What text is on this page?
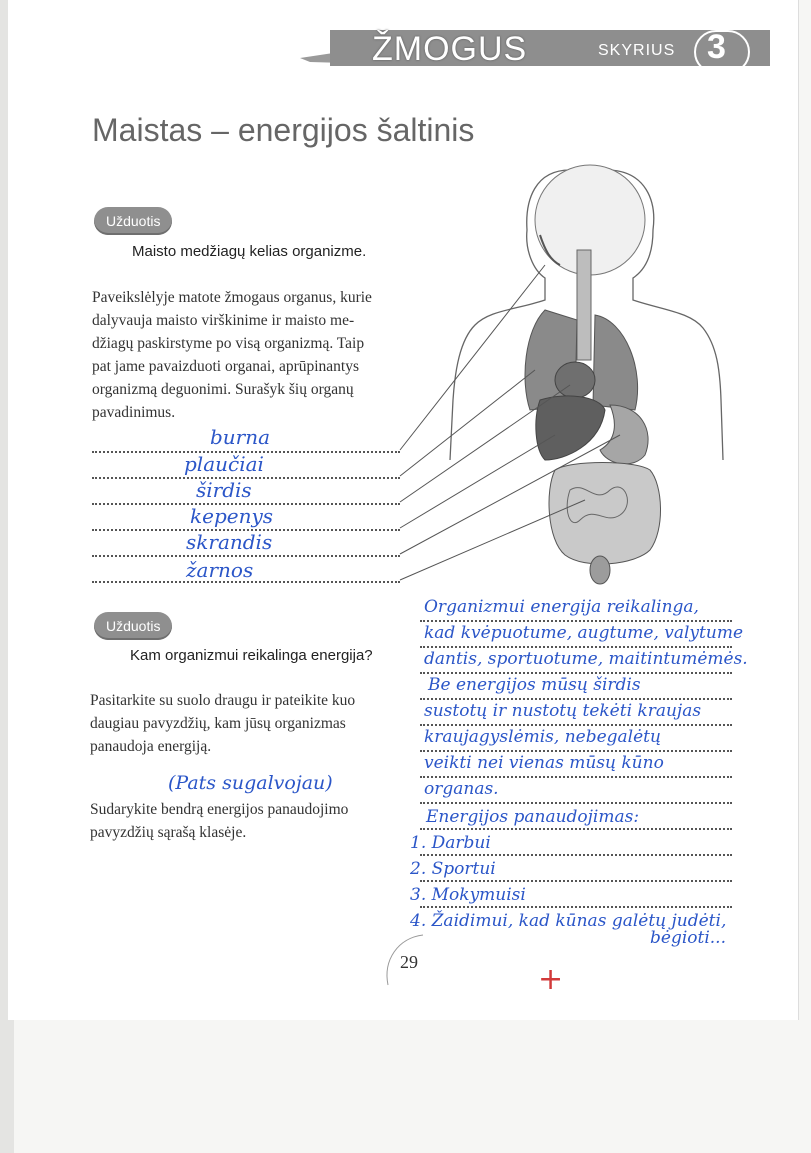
ŽMOGUS	SKYRIUS 3
Maistas – energijos šaltinis
Užduotis
Maisto medžiagų kelias organizme.
Paveikslėlyje matote žmogaus organus, kurie
dalyvauja maisto virškinime ir maisto me-
džiagų paskirstyme po visą organizmą. Taip
pat jame pavaizduoti organai, aprūpinantys
organizmą deguonimi. Surašyk šių organų
pavadinimus.
burna
plaučiai
širdis
kepenys
skrandis
žarnos
Užduotis
Kam organizmui reikalinga energija?
Pasitarkite su suolo draugu ir pateikite kuo
daugiau pavyzdžių, kam jūsų organizmas
panaudoja energiją.
(Pats sugalvojau)
Sudarykite bendrą energijos panaudojimo
pavyzdžių sąrašą klasėje.
Organizmui energija reikalinga,
kad kvėpuotume, augtume, valytume
dantis, sportuotume, maitintumėmės.
Be energijos mūsų širdis
sustotų ir nustotų tekėti kraujas
kraujagyslėmis, nebegalėtų
veikti nei vienas mūsų kūno
organas.
Energijos panaudojimas:
1. Darbui
2. Sportui
3. Mokymuisi
4. Žaidimui, kad kūnas galėtų judėti,
bėgioti...
29	+
